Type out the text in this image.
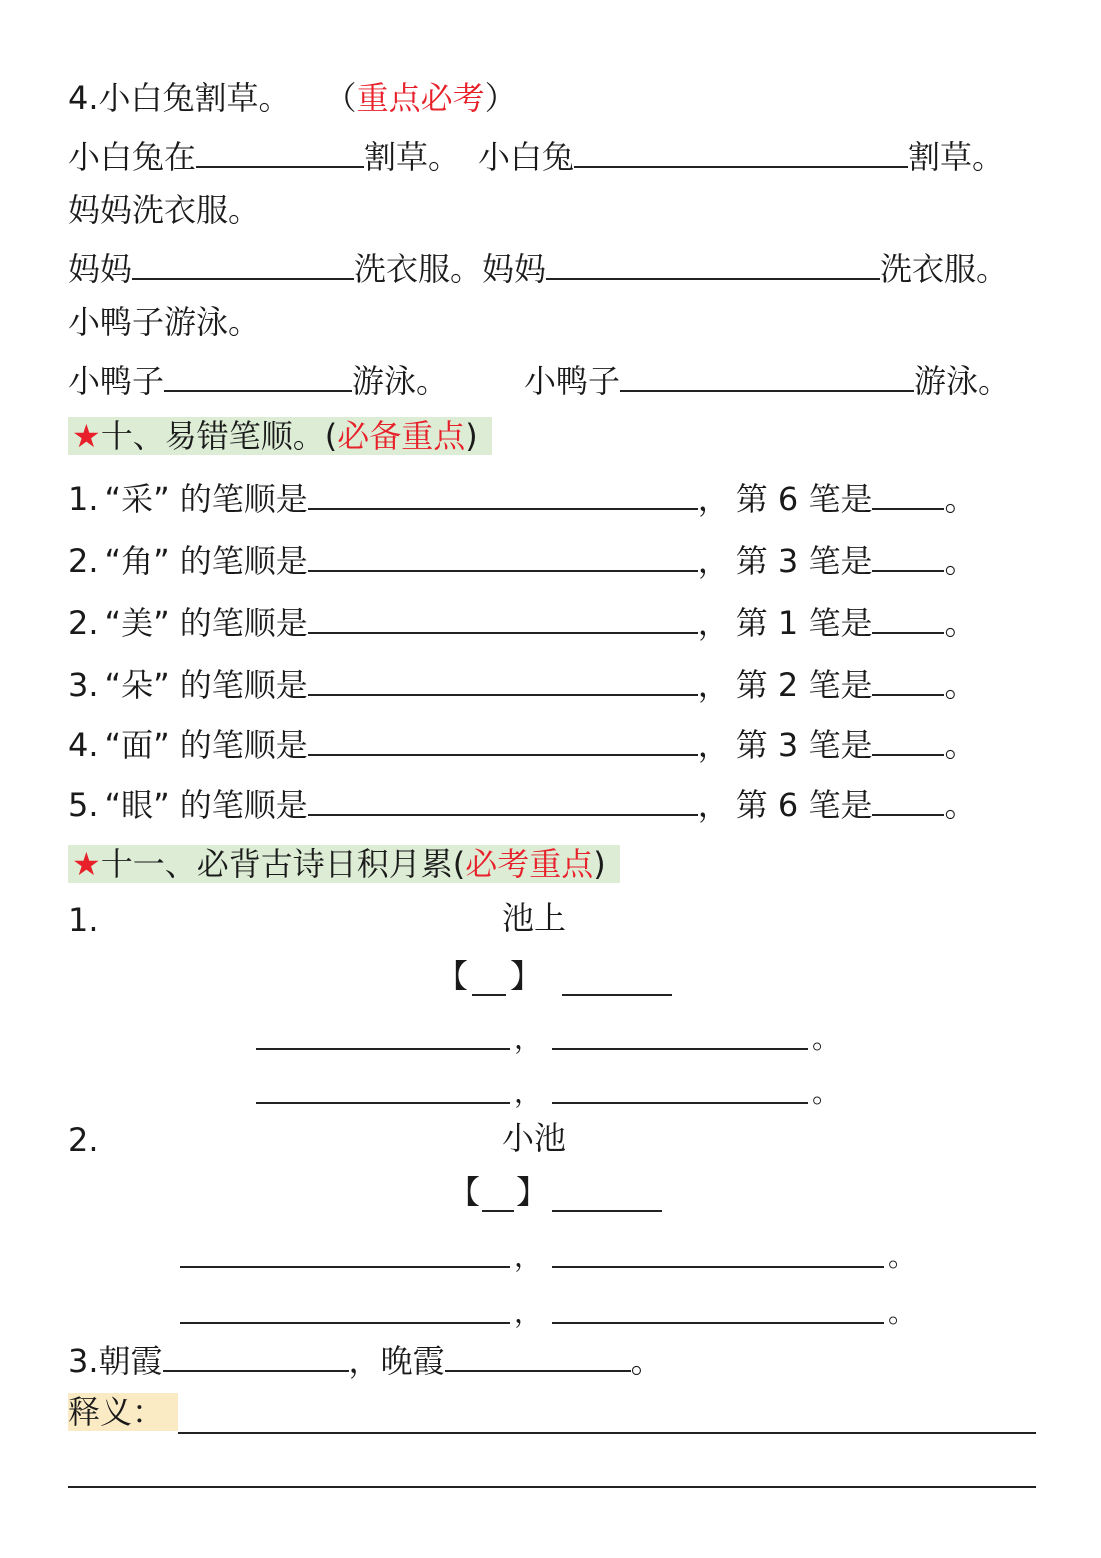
4.小白兔割草。 （重点必考）
小白兔在	割草。 小白兔	割草。
妈妈洗衣服。
妈妈	洗衣服。妈妈	洗衣服。
小鸭子游泳。
小鸭子	游泳。 小鸭子	游泳。
★十、易错笔顺。(必备重点)
1. “采” 的笔顺是	， 第 6 笔是 。
2. “角” 的笔顺是	， 第 3 笔是 。
2. “美” 的笔顺是	， 第 1 笔是 。
3. “朵” 的笔顺是	， 第 2 笔是 。
4. “面” 的笔顺是	， 第 3 笔是 。
5. “眼” 的笔顺是	， 第 6 笔是 。
★十一、必背古诗日积月累(必考重点)
1.	池上
【 】
，	。
，	。
2.	小池
【 】
，	。
，	。
3.朝霞	，晚霞	。
释义：
